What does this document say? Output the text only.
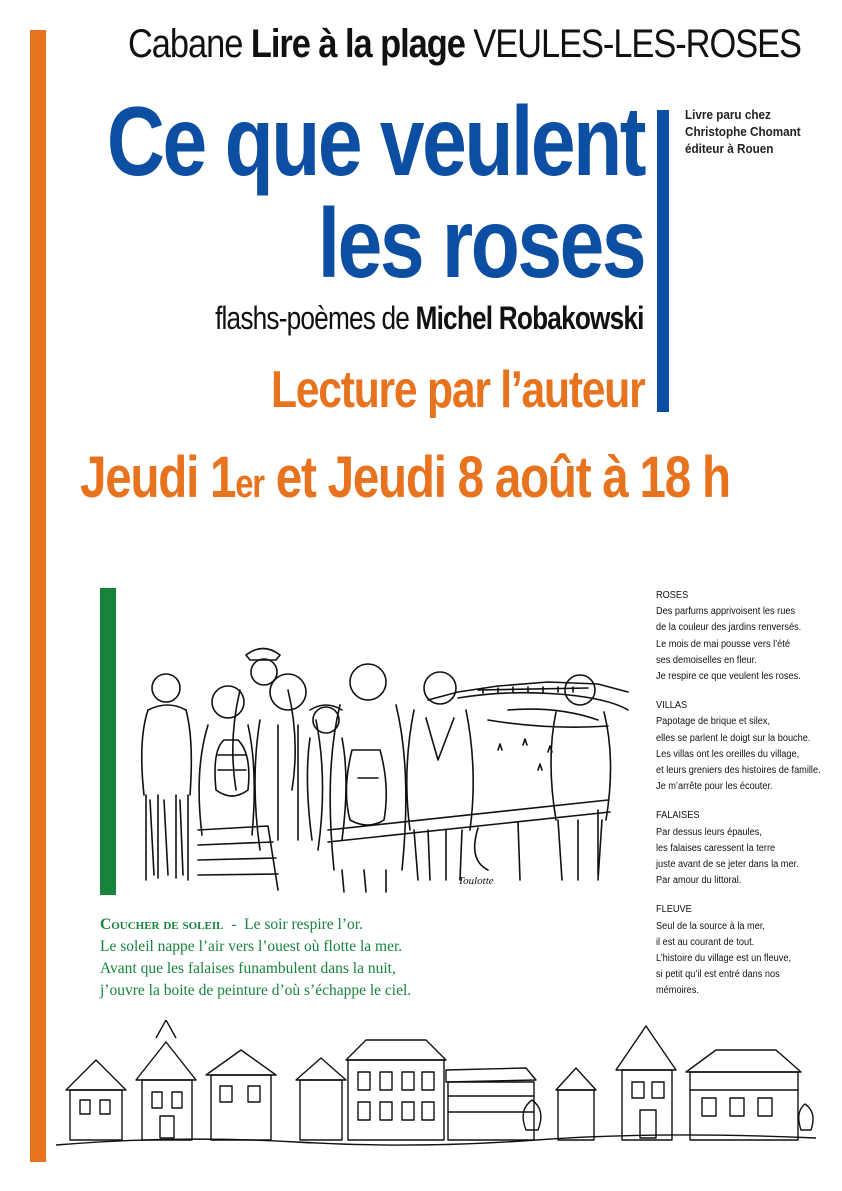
Cabane Lire à la plage VEULES-LES-ROSES
Ce que veulent
les roses
Livre paru chez
Christophe Chomant
éditeur à Rouen
flashs-poèmes de Michel Robakowski
Lecture par l’auteur
Jeudi 1er et Jeudi 8 août à 18 h
Toulotte
Coucher de soleil  -  Le soir respire l’or.
Le soleil nappe l’air vers l’ouest où flotte la mer.
Avant que les falaises funambulent dans la nuit,
j’ouvre la boite de peinture d’où s’échappe le ciel.
ROSES
Des parfums apprivoisent les rues
de la couleur des jardins renversés.
Le mois de mai pousse vers l’été
ses demoiselles en fleur.
Je respire ce que veulent les roses.
VILLAS
Papotage de brique et silex,
elles se parlent le doigt sur la bouche.
Les villas ont les oreilles du village,
et leurs greniers des histoires de famille.
Je m’arrête pour les écouter.
FALAISES
Par dessus leurs épaules,
les falaises caressent la terre
juste avant de se jeter dans la mer.
Par amour du littoral.
FLEUVE
Seul de la source à la mer,
il est au courant de tout.
L’histoire du village est un fleuve,
si petit qu’il est entré dans nos mémoires.
